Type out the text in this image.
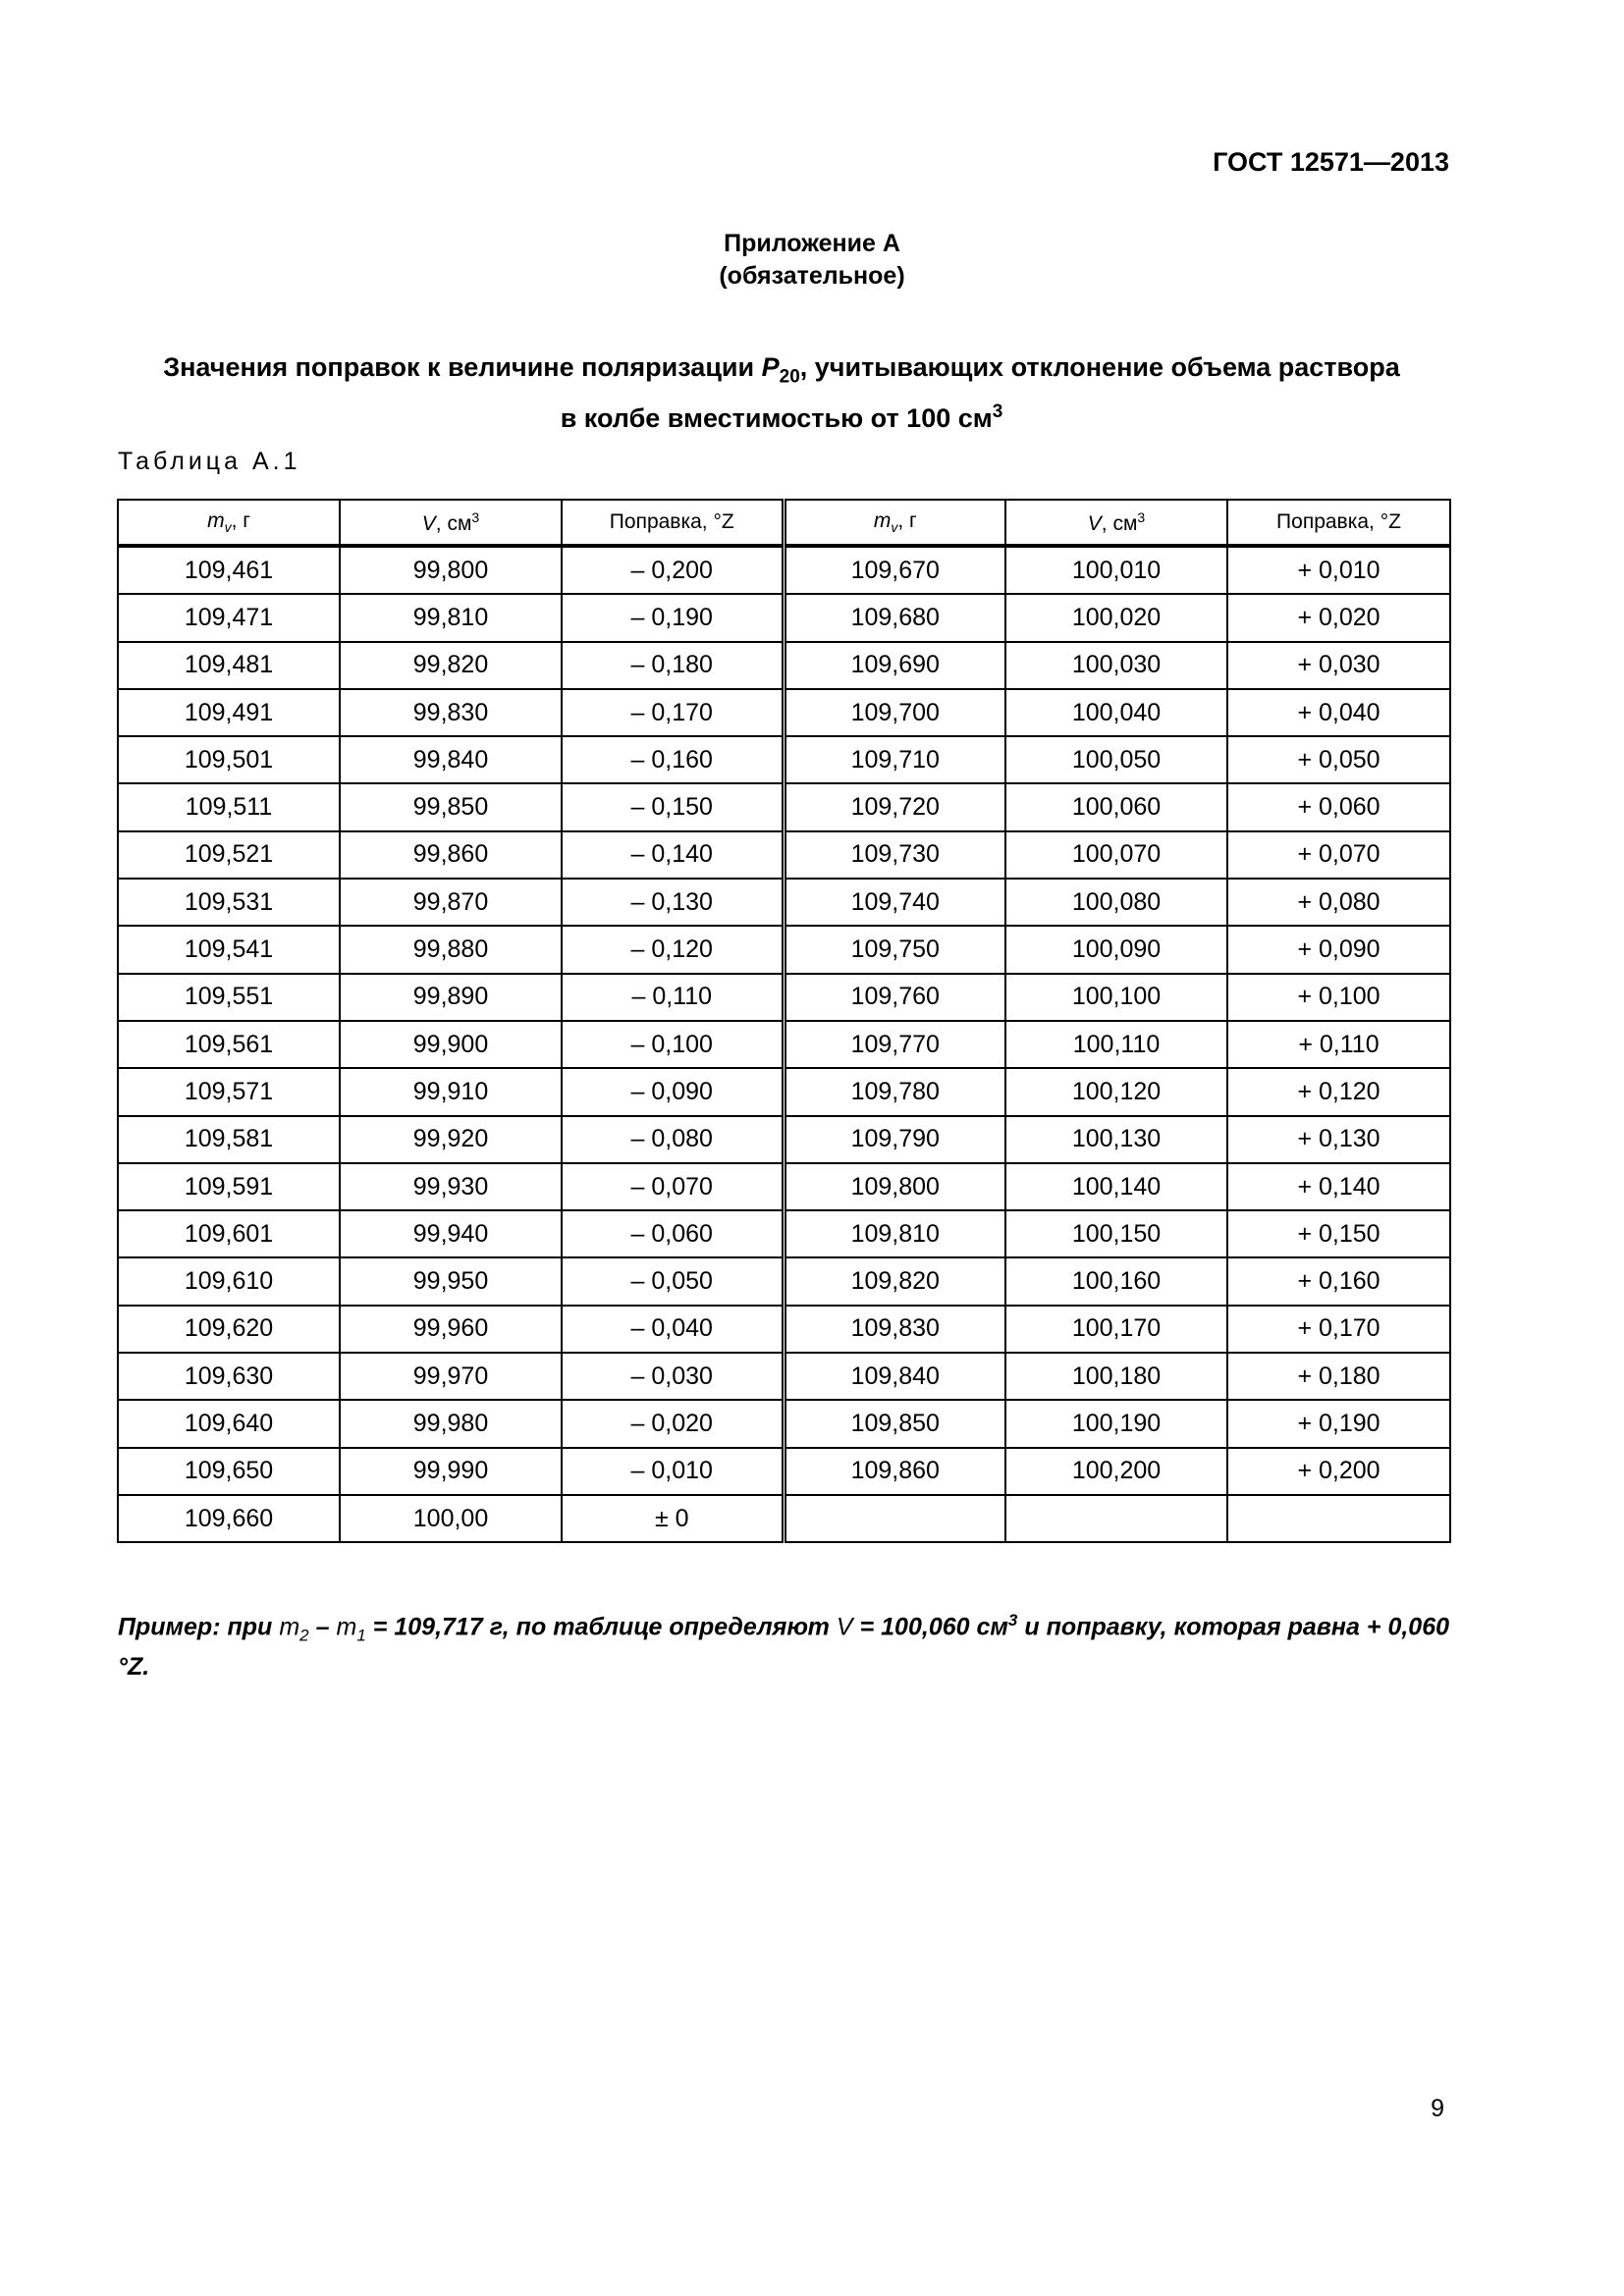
ГОСТ 12571—2013
Приложение А
(обязательное)
Значения поправок к величине поляризации $P_{20}$, учитывающих отклонение объема раствора
в колбе вместимостью от 100 $см^3$
Таблица А.1
$m_v$, г	V, $см^3$	Поправка, °Z	$m_v$, г	V, $см^3$	Поправка, °Z
109,461	99,800	– 0,200	109,670	100,010	+ 0,010
109,471	99,810	– 0,190	109,680	100,020	+ 0,020
109,481	99,820	– 0,180	109,690	100,030	+ 0,030
109,491	99,830	– 0,170	109,700	100,040	+ 0,040
109,501	99,840	– 0,160	109,710	100,050	+ 0,050
109,511	99,850	– 0,150	109,720	100,060	+ 0,060
109,521	99,860	– 0,140	109,730	100,070	+ 0,070
109,531	99,870	– 0,130	109,740	100,080	+ 0,080
109,541	99,880	– 0,120	109,750	100,090	+ 0,090
109,551	99,890	– 0,110	109,760	100,100	+ 0,100
109,561	99,900	– 0,100	109,770	100,110	+ 0,110
109,571	99,910	– 0,090	109,780	100,120	+ 0,120
109,581	99,920	– 0,080	109,790	100,130	+ 0,130
109,591	99,930	– 0,070	109,800	100,140	+ 0,140
109,601	99,940	– 0,060	109,810	100,150	+ 0,150
109,610	99,950	– 0,050	109,820	100,160	+ 0,160
109,620	99,960	– 0,040	109,830	100,170	+ 0,170
109,630	99,970	– 0,030	109,840	100,180	+ 0,180
109,640	99,980	– 0,020	109,850	100,190	+ 0,190
109,650	99,990	– 0,010	109,860	100,200	+ 0,200
109,660	100,00	± 0			
Пример: при $m_2 - m_1 = 109,717$ г, по таблице определяют V = 100,060 $см^3$ и поправку, которая равна + 0,060 °Z.
9
